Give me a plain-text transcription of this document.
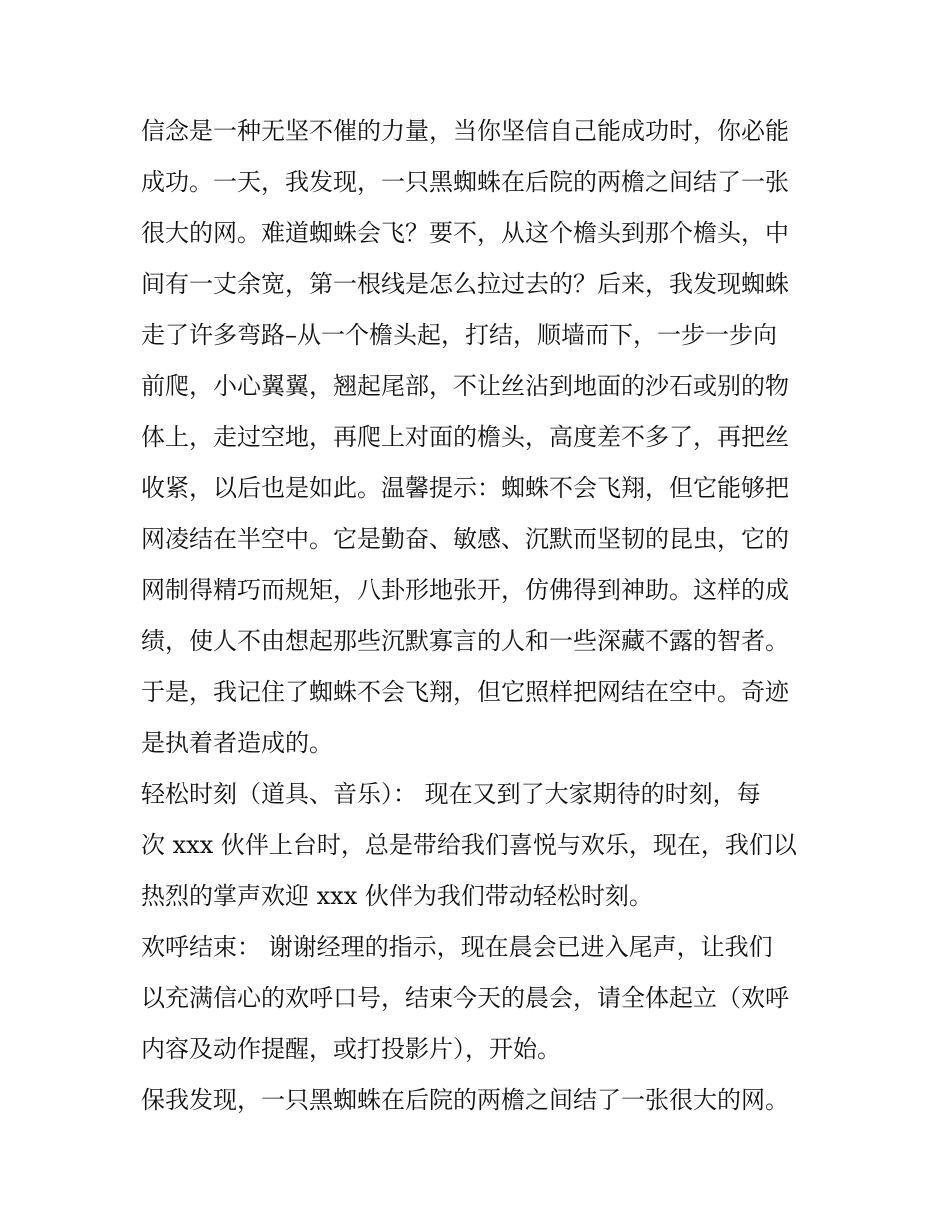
信念是一种无坚不催的力量，当你坚信自己能成功时，你必能
成功。一天，我发现，一只黑蜘蛛在后院的两檐之间结了一张
很大的网。难道蜘蛛会飞？要不，从这个檐头到那个檐头，中
间有一丈余宽，第一根线是怎么拉过去的？后来，我发现蜘蛛
走了许多弯路–从一个檐头起，打结，顺墙而下，一步一步向
前爬，小心翼翼，翘起尾部，不让丝沾到地面的沙石或别的物
体上，走过空地，再爬上对面的檐头，高度差不多了，再把丝
收紧，以后也是如此。温馨提示：蜘蛛不会飞翔，但它能够把
网凌结在半空中。它是勤奋、敏感、沉默而坚韧的昆虫，它的
网制得精巧而规矩，八卦形地张开，仿佛得到神助。这样的成
绩，使人不由想起那些沉默寡言的人和一些深藏不露的智者。
于是，我记住了蜘蛛不会飞翔，但它照样把网结在空中。奇迹
是执着者造成的。
轻松时刻（道具、音乐）： 现在又到了大家期待的时刻，每
次 xxx 伙伴上台时，总是带给我们喜悦与欢乐，现在，我们以
热烈的掌声欢迎 xxx 伙伴为我们带动轻松时刻。
欢呼结束： 谢谢经理的指示，现在晨会已进入尾声，让我们
以充满信心的欢呼口号，结束今天的晨会，请全体起立（欢呼
内容及动作提醒，或打投影片），开始。
保我发现，一只黑蜘蛛在后院的两檐之间结了一张很大的网。
